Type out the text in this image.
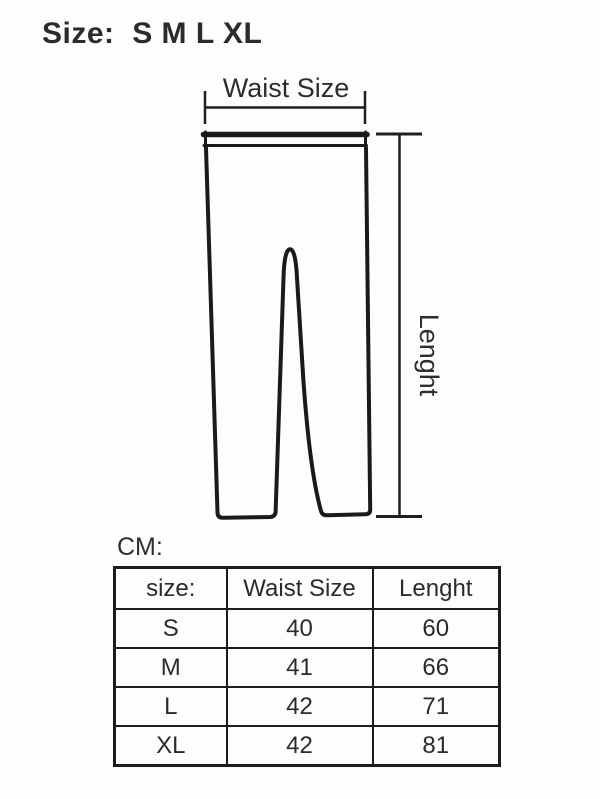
Size:  S M L XL
Waist Size
Lenght
CM:
size:	Waist Size	Lenght
S	40	60
M	41	66
L	42	71
XL	42	81
